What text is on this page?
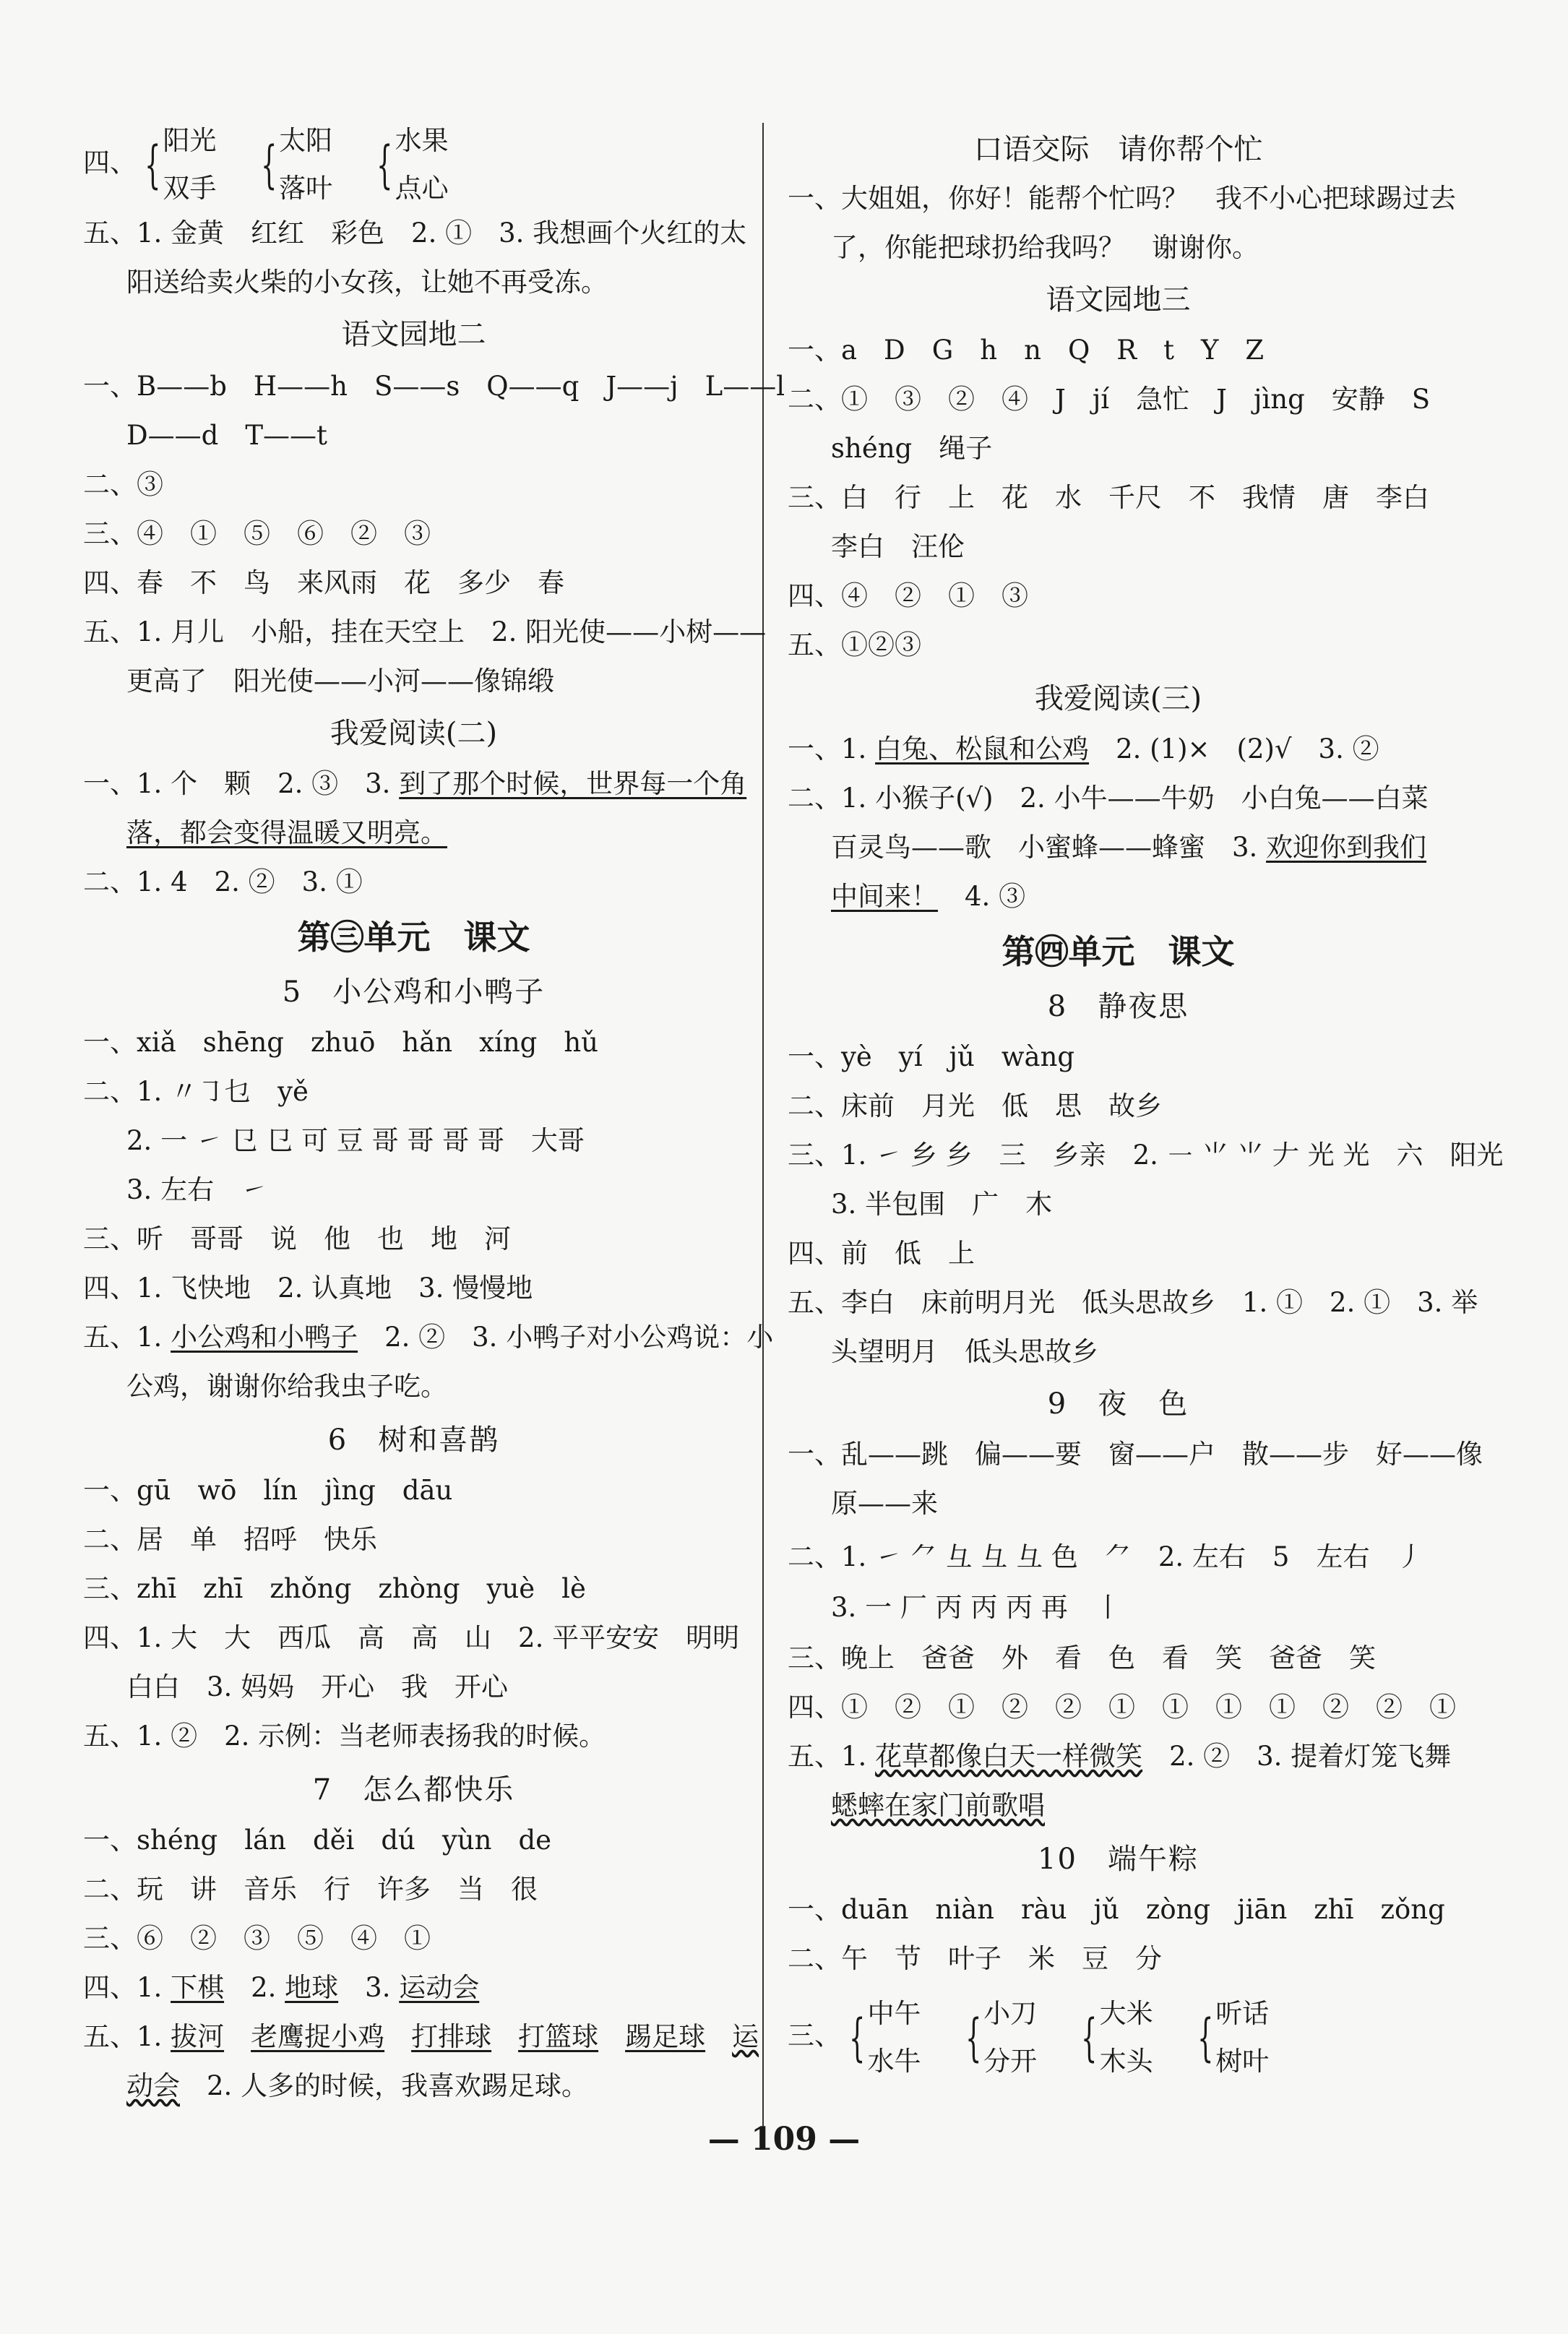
四、 { 阳光
双手 { 太阳
落叶 { 水果
点心
五、1. 金黄　红红　彩色　2. ①　3. 我想画个火红的太
阳送给卖火柴的小女孩，让她不再受冻。
语文园地二
一、B——b　H——h　S——s　Q——q　J——j　L——l
D——d　T——t
二、③
三、④　①　⑤　⑥　②　③
四、春　不　鸟　来风雨　花　多少　春
五、1. 月儿　小船，挂在天空上　2. 阳光使——小树——
更高了　阳光使——小河——像锦缎
我爱阅读(二)
一、1. 个　颗　2. ③　3. 到了那个时候，世界每一个角
落，都会变得温暖又明亮。
二、1. 4　2. ②　3. ①
第㊂单元　课文
5　小公鸡和小鸭子
一、xiǎ　shēng　zhuō　hǎn　xíng　hǔ
二、1. 〃㇆乜　yě
2. 一 ㇀ 㔾 㔾 可 豆 哥 哥 哥 哥　大哥
3. 左右　㇀
三、听　哥哥　说　他　也　地　河
四、1. 飞快地　2. 认真地　3. 慢慢地
五、1. 小公鸡和小鸭子　2. ②　3. 小鸭子对小公鸡说：小
公鸡，谢谢你给我虫子吃。
6　树和喜鹊
一、gū　wō　lín　jìng　dāu
二、居　单　招呼　快乐
三、zhī　zhī　zhǒng　zhòng　yuè　lè
四、1. 大　大　西瓜　高　高　山　2. 平平安安　明明
白白　3. 妈妈　开心　我　开心
五、1. ②　2. 示例：当老师表扬我的时候。
7　怎么都快乐
一、shéng　lán　děi　dú　yùn　de
二、玩　讲　音乐　行　许多　当　很
三、⑥　②　③　⑤　④　①
四、1. 下棋　2. 地球　3. 运动会
五、1. 拔河　 老鹰捉小鸡　 打排球　 打篮球　 踢足球　 运
动会　2. 人多的时候，我喜欢踢足球。
口语交际　请你帮个忙
一、大姐姐，你好！能帮个忙吗？　我不小心把球踢过去
了，你能把球扔给我吗？　谢谢你。
语文园地三
一、a　D　G　h　n　Q　R　t　Y　Z
二、①　③　②　④　J　jí　急忙　J　jìng　安静　S
shéng　绳子
三、白　行　上　花　水　千尺　不　我情　唐　李白
李白　汪伦
四、④　②　①　③
五、①②③
我爱阅读(三)
一、1. 白兔、松鼠和公鸡　2. (1)×　(2)√　3. ②
二、1. 小猴子(√)　2. 小牛——牛奶　小白兔——白菜
百灵鸟——歌　小蜜蜂——蜂蜜　3. 欢迎你到我们
中间来！　4. ③
第㊃单元　课文
8　静夜思
一、yè　yí　jǔ　wàng
二、床前　月光　低　思　故乡
三、1. ㇀ 乡 乡　三　乡亲　2. ㇐ ⺌ ⺌ 𠂇 光 光　六　阳光
3. 半包围　广　木
四、前　低　上
五、李白　床前明月光　低头思故乡　1. ①　2. ①　3. 举
头望明月　低头思故乡
9　夜　色
一、乱——跳　偏——要　窗——户　散——步　好——像
原——来
二、1. ㇀ ⺈ 彑 彑 彑 色　⺈　2. 左右　5　左右　丿
3. 一 厂 丙 丙 丙 再　丨
三、晚上　爸爸　外　看　色　看　笑　爸爸　笑
四、①　②　①　②　②　①　①　①　①　②　②　①
五、1. 花草都像白天一样微笑　2. ②　3. 提着灯笼飞舞
蟋蟀在家门前歌唱
10　端午粽
一、duān　niàn　ràu　jǔ　zòng　jiān　zhī　zǒng
二、午　节　叶子　米　豆　分
三、 { 中午
水牛 { 小刀
分开 { 大米
木头 { 听话
树叶
— 109 —
